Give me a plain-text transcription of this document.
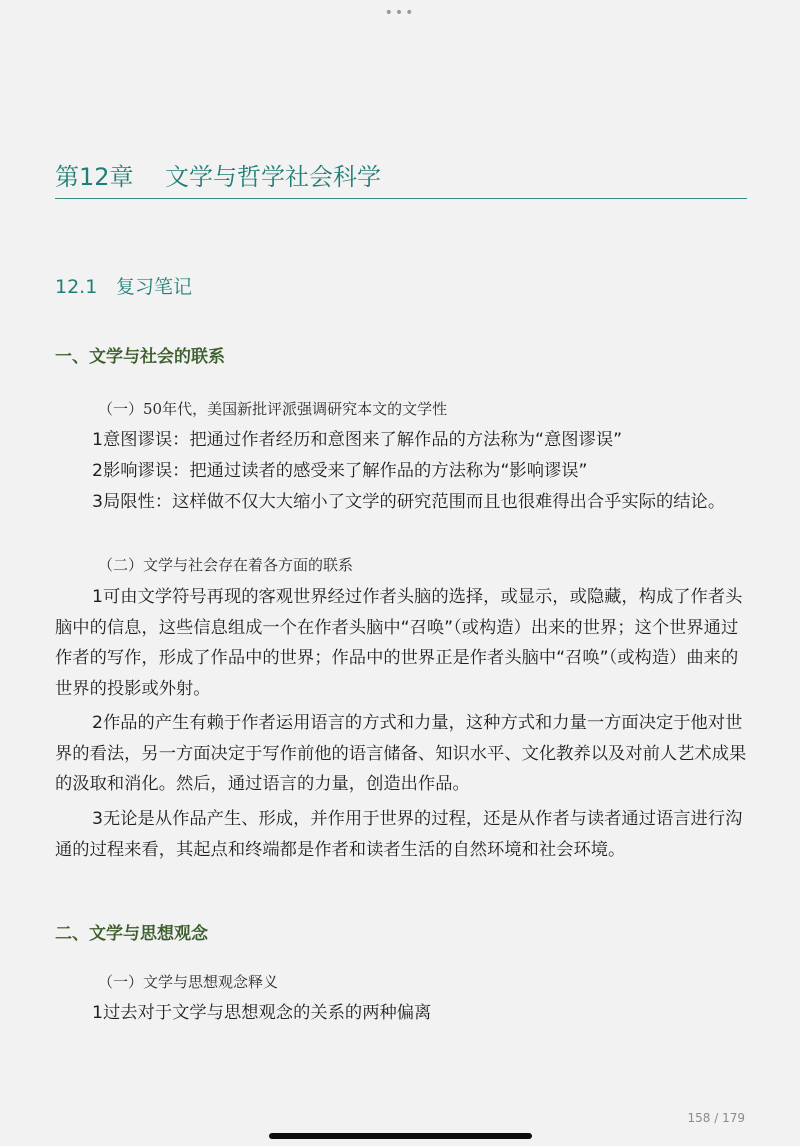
•••
第12章 文学与哲学社会科学
12.1 复习笔记
一、文学与社会的联系
（一）50年代，美国新批评派强调研究本文的文学性
1意图谬误：把通过作者经历和意图来了解作品的方法称为“意图谬误”
2影响谬误：把通过读者的感受来了解作品的方法称为“影响谬误”
3局限性：这样做不仅大大缩小了文学的研究范围而且也很难得出合乎实际的结论。
（二）文学与社会存在着各方面的联系
1可由文学符号再现的客观世界经过作者头脑的选择，或显示，或隐藏，构成了作者头脑中的信息，这些信息组成一个在作者头脑中“召唤”（或构造）出来的世界；这个世界通过作者的写作，形成了作品中的世界；作品中的世界正是作者头脑中“召唤”（或构造）曲来的世界的投影或外射。
2作品的产生有赖于作者运用语言的方式和力量，这种方式和力量一方面决定于他对世界的看法，另一方面决定于写作前他的语言储备、知识水平、文化教养以及对前人艺术成果的汲取和消化。然后，通过语言的力量，创造出作品。
3无论是从作品产生、形成，并作用于世界的过程，还是从作者与读者通过语言进行沟通的过程来看，其起点和终端都是作者和读者生活的自然环境和社会环境。
二、文学与思想观念
（一）文学与思想观念释义
1过去对于文学与思想观念的关系的两种偏离
158 / 179
